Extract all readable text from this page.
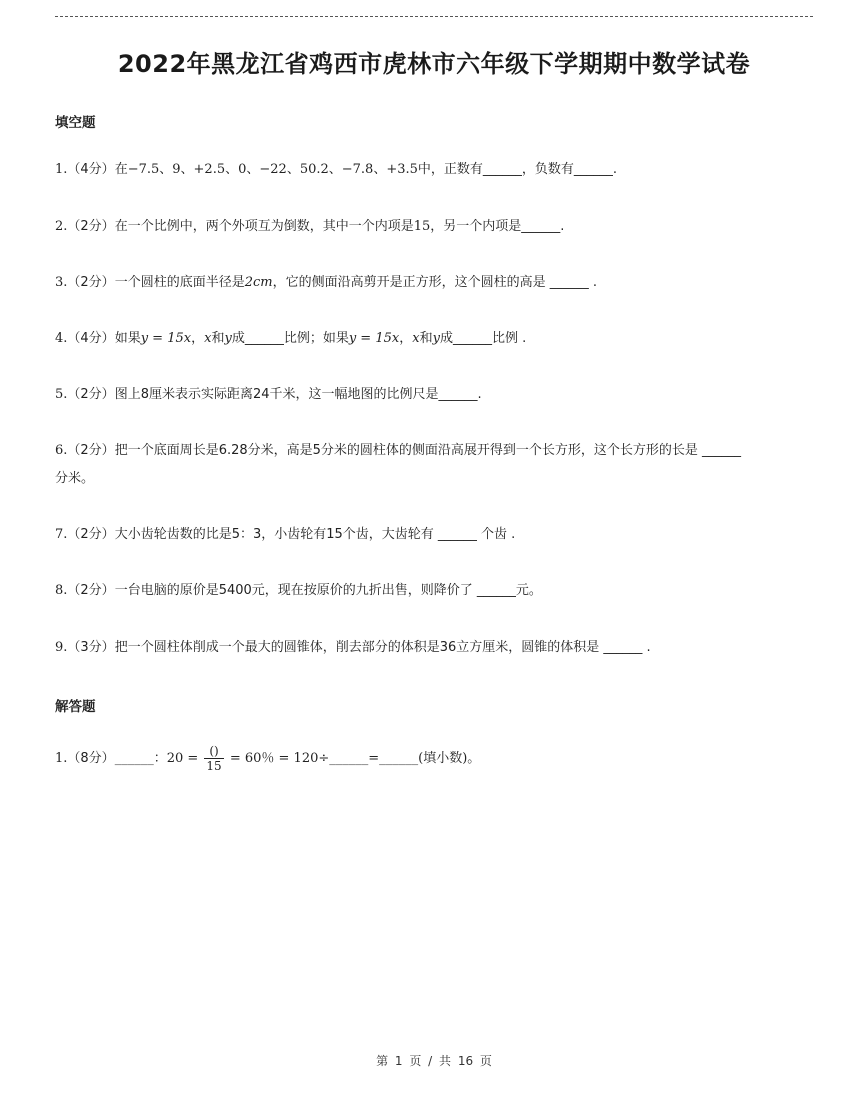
2022年黑龙江省鸡西市虎林市六年级下学期期中数学试卷
填空题
1.（4分）在−7.5、9、+2.5、0、−22、50.2、−7.8、+3.5中，正数有______，负数有______.
2.（2分）在一个比例中，两个外项互为倒数，其中一个内项是15，另一个内项是______.
3.（2分）一个圆柱的底面半径是2cm，它的侧面沿高剪开是正方形，这个圆柱的高是 ______ .
4.（4分）如果y = 15x，x和y成______比例；如果y = 15x，x和y成______比例 .
5.（2分）图上8厘米表示实际距离24千米，这一幅地图的比例尺是______.
6.（2分）把一个底面周长是6.28分米，高是5分米的圆柱体的侧面沿高展开得到一个长方形，这个长方形的长是 ______
分米。
7.（2分）大小齿轮齿数的比是5：3，小齿轮有15个齿，大齿轮有 ______ 个齿 .
8.（2分）一台电脑的原价是5400元，现在按原价的九折出售，则降价了 ______元。
9.（3分）把一个圆柱体削成一个最大的圆锥体，削去部分的体积是36立方厘米，圆锥的体积是 ______ .
解答题
1.（8分）______：$20 = \frac{()}{15} = 60$％ = 120÷______=______(填小数)。
第 1 页 / 共 16 页
